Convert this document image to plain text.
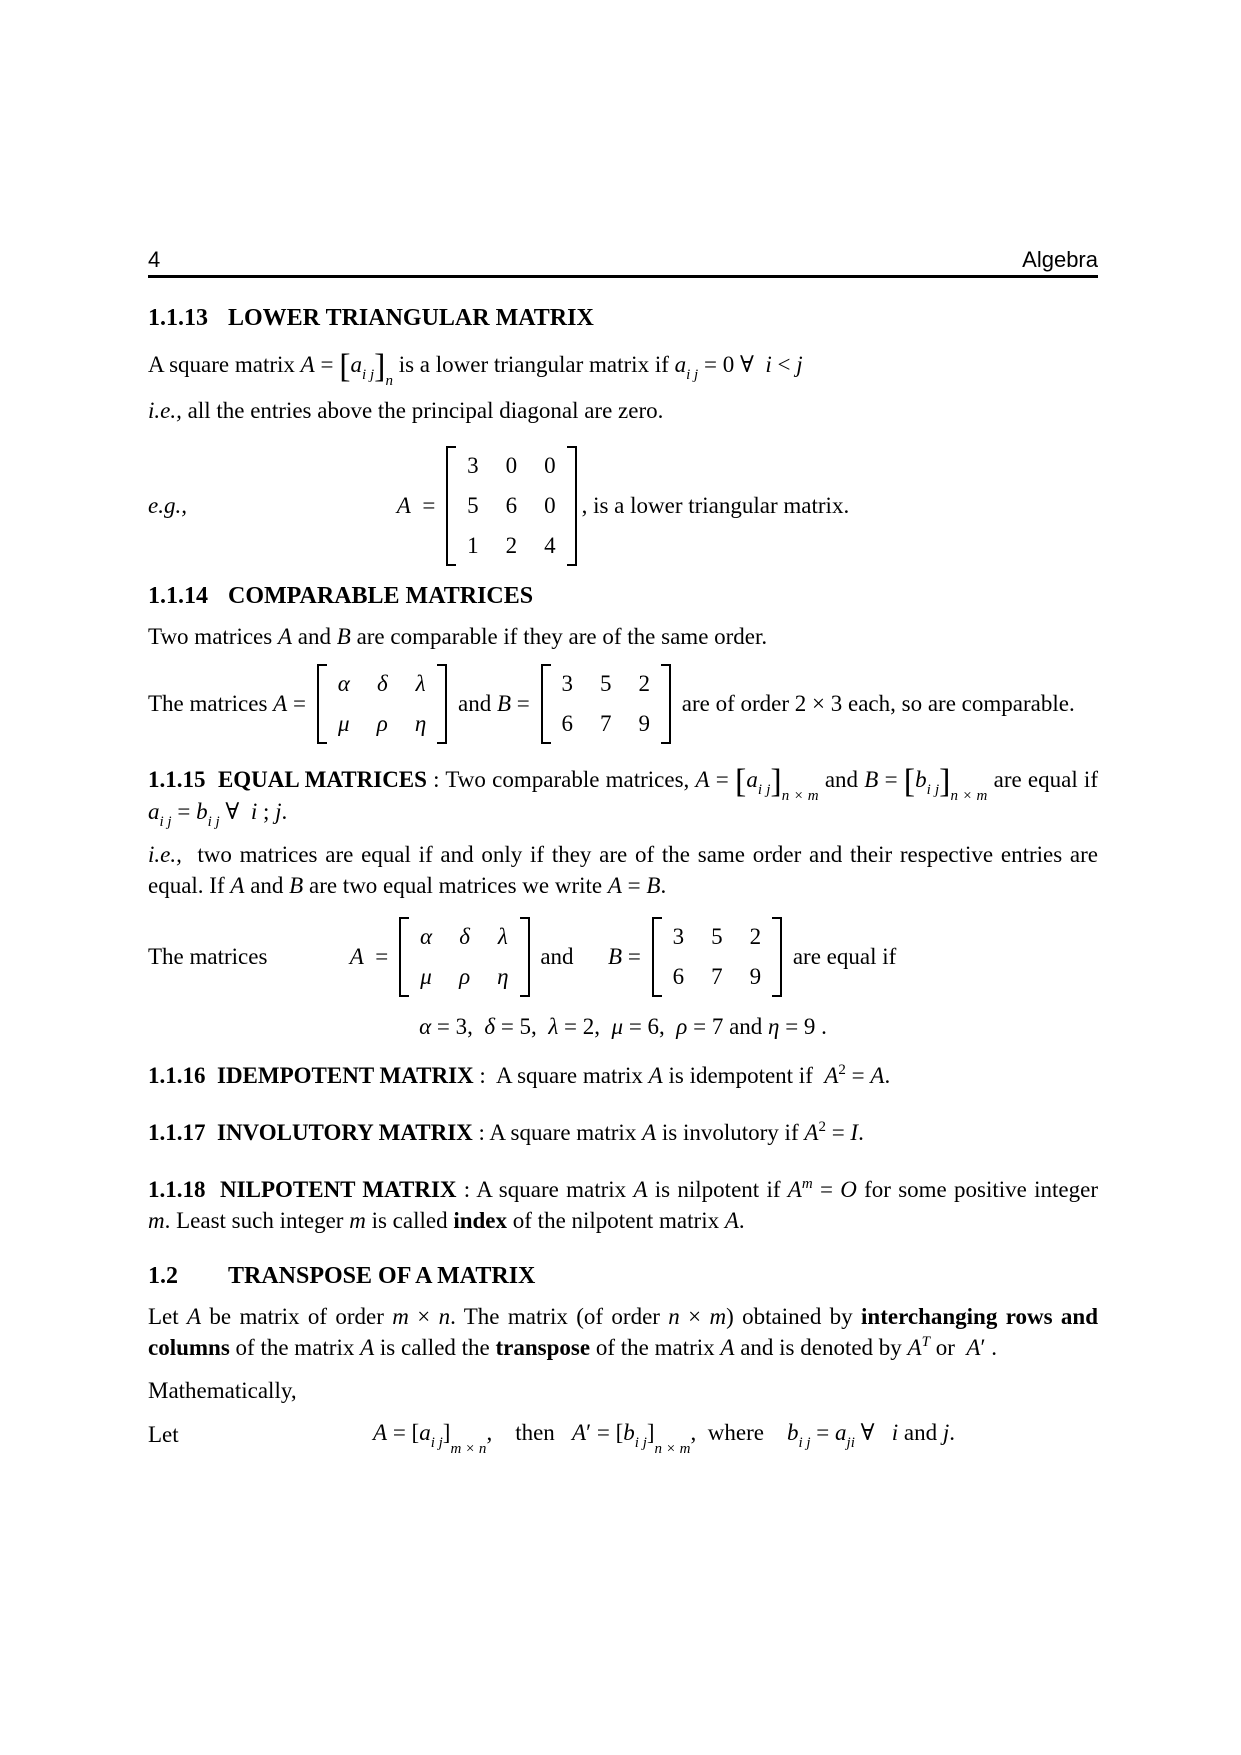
4	Algebra
1.1.13 LOWER TRIANGULAR MATRIX

A square matrix $A = [a_{i j}]_n$ is a lower triangular matrix if $a_{i j} = 0$ ∀ i < j

i.e., all the entries above the principal diagonal are zero.

e.g.,	A  =
3 0 0
5 6 0
1 2 4
, is a lower triangular matrix.
1.1.14 COMPARABLE MATRICES

Two matrices A and B are comparable if they are of the same order.

The matrices A =
α δ λ
μ ρ η
and B =
3 5 2
6 7 9
are of order 2 × 3 each, so are comparable.

1.1.15  EQUAL MATRICES : Two comparable matrices, $A = [a_{i j}]_{n \times m}$ and $B = [b_{i j}]_{n \times m}$ are equal if $a_{i j} = b_{i j}$ ∀ i ; j.

i.e.,  two matrices are equal if and only if they are of the same order and their respective entries are equal. If A and B are two equal matrices we write A = B.

The matrices	A  =
α δ λ
μ ρ η
and B =
3 5 2
6 7 9
are equal if

α = 3,  δ = 5,  λ = 2,  μ = 6,  ρ = 7 and η = 9 .

1.1.16  IDEMPOTENT MATRIX :  A square matrix A is idempotent if  $A^2 = A$.

1.1.17  INVOLUTORY MATRIX : A square matrix A is involutory if $A^2 = I$.

1.1.18  NILPOTENT MATRIX : A square matrix A is nilpotent if $A^m = O$ for some positive integer m. Least such integer m is called index of the nilpotent matrix A.

1.2 TRANSPOSE OF A MATRIX

Let A be matrix of order m × n. The matrix (of order n × m) obtained by interchanging rows and columns of the matrix A is called the transpose of the matrix A and is denoted by $A^T$ or  A′ .

Mathematically,

Let	$A = [a_{i j}]_{m \times n}$,    then   $A' = [b_{i j}]_{n \times m}$,  where    $b_{i j} = a_{ji}$ ∀ i and j.
